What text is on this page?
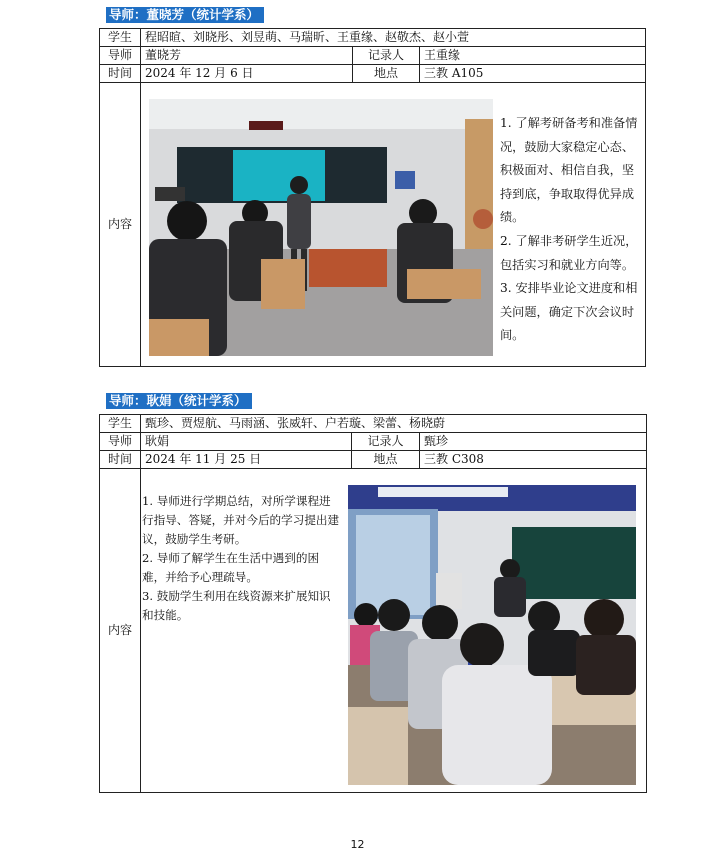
导师：董晓芳（统计学系）
学生	程昭暄、刘晓彤、刘昱萌、马瑞昕、王重缘、赵敬杰、赵小萱		
导师	董晓芳	记录人	王重缘
时间	2024 年 12 月 6 日	地点	三教 A105
内容			

1. 了解考研备考和准备情况，鼓励大家稳定心态、积极面对、相信自我，坚持到底，争取取得优异成绩。

2. 了解非考研学生近况，包括实习和就业方向等。

3. 安排毕业论文进度和相关问题，确定下次会议时间。

导师：耿娟（统计学系）
学生	甄珍、贾煜航、马雨涵、张威轩、户若璇、梁蕾、杨晓蔚		
导师	耿娟	记录人	甄珍
时间	2024 年 11 月 25 日	地点	三教 C308
内容			

1. 导师进行学期总结，对所学课程进行指导、答疑，并对今后的学习提出建议，鼓励学生考研。

2. 导师了解学生在生活中遇到的困难，并给予心理疏导。

3. 鼓励学生利用在线资源来扩展知识和技能。

12
